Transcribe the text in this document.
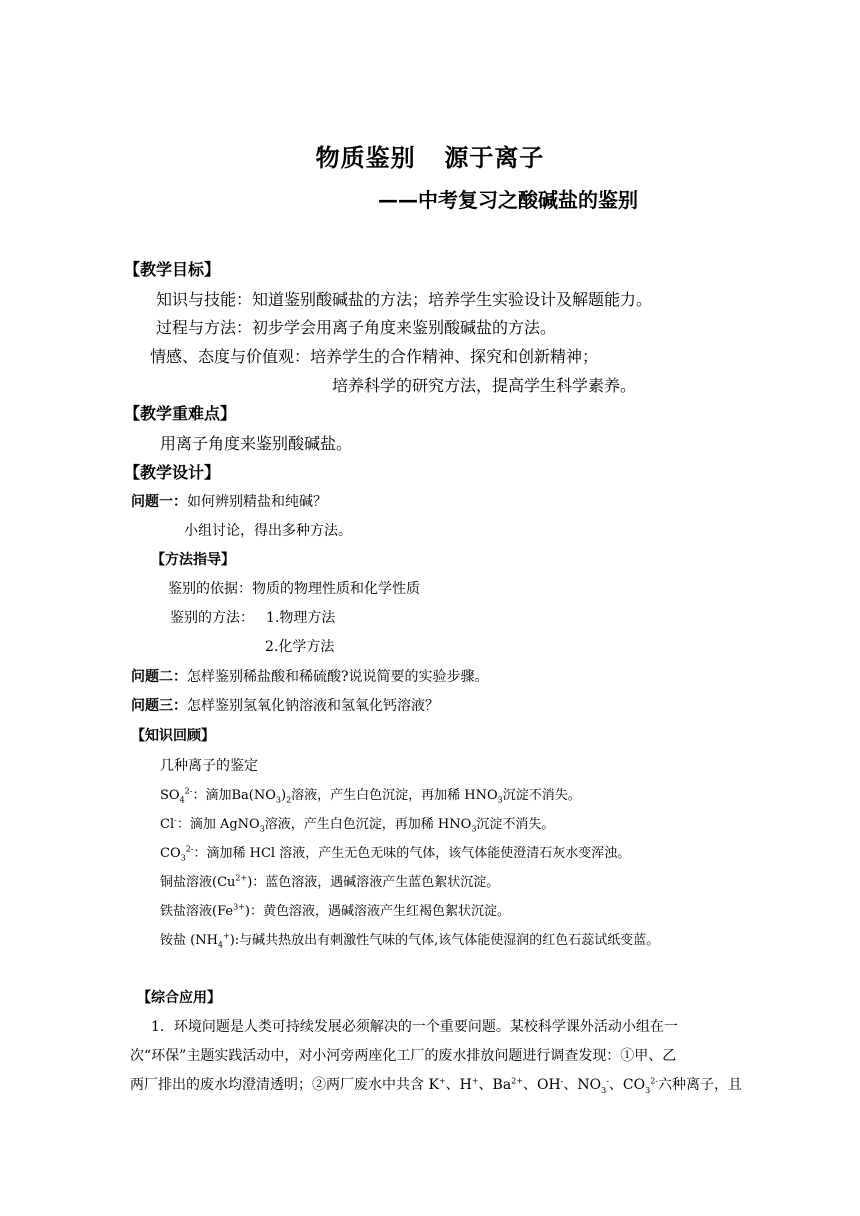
物质鉴别 源于离子
——中考复习之酸碱盐的鉴别
【教学目标】
知识与技能：知道鉴别酸碱盐的方法；培养学生实验设计及解题能力。
过程与方法：初步学会用离子角度来鉴别酸碱盐的方法。
情感、态度与价值观：培养学生的合作精神、探究和创新精神；
培养科学的研究方法，提高学生科学素养。
【教学重难点】
用离子角度来鉴别酸碱盐。
【教学设计】
问题一：如何辨别精盐和纯碱？
小组讨论，得出多种方法。
【方法指导】
鉴别的依据：物质的物理性质和化学性质
鉴别的方法： 1.物理方法
2.化学方法
问题二：怎样鉴别稀盐酸和稀硫酸?说说简要的实验步骤。
问题三：怎样鉴别氢氧化钠溶液和氢氧化钙溶液？
【知识回顾】
几种离子的鉴定
$SO_4^{2-}$：滴加$Ba(NO_3)_2$溶液，产生白色沉淀，再加稀 $HNO_3$沉淀不消失。
Cl-：滴加 AgNO$_3$溶液，产生白色沉淀，再加稀 $HNO_3$沉淀不消失。
$CO_3^{2-}$：滴加稀 HCl 溶液，产生无色无味的气体，该气体能使澄清石灰水变浑浊。
铜盐溶液$(Cu^{2+})$：蓝色溶液，遇碱溶液产生蓝色絮状沉淀。
铁盐溶液$(Fe^{3+})$：黄色溶液，遇碱溶液产生红褐色絮状沉淀。
铵盐 $(NH_4^+)$:与碱共热放出有刺激性气味的气体,该气体能使湿润的红色石蕊试纸变蓝。
【综合应用】
1．环境问题是人类可持续发展必须解决的一个重要问题。某校科学课外活动小组在一
次“环保”主题实践活动中，对小河旁两座化工厂的废水排放问题进行调查发现：①甲、乙
两厂排出的废水均澄清透明；②两厂废水中共含 K+、H+、$Ba^{2+}$、OH-、$NO_3^-$、$CO_3^{2-}$六种离子，且
